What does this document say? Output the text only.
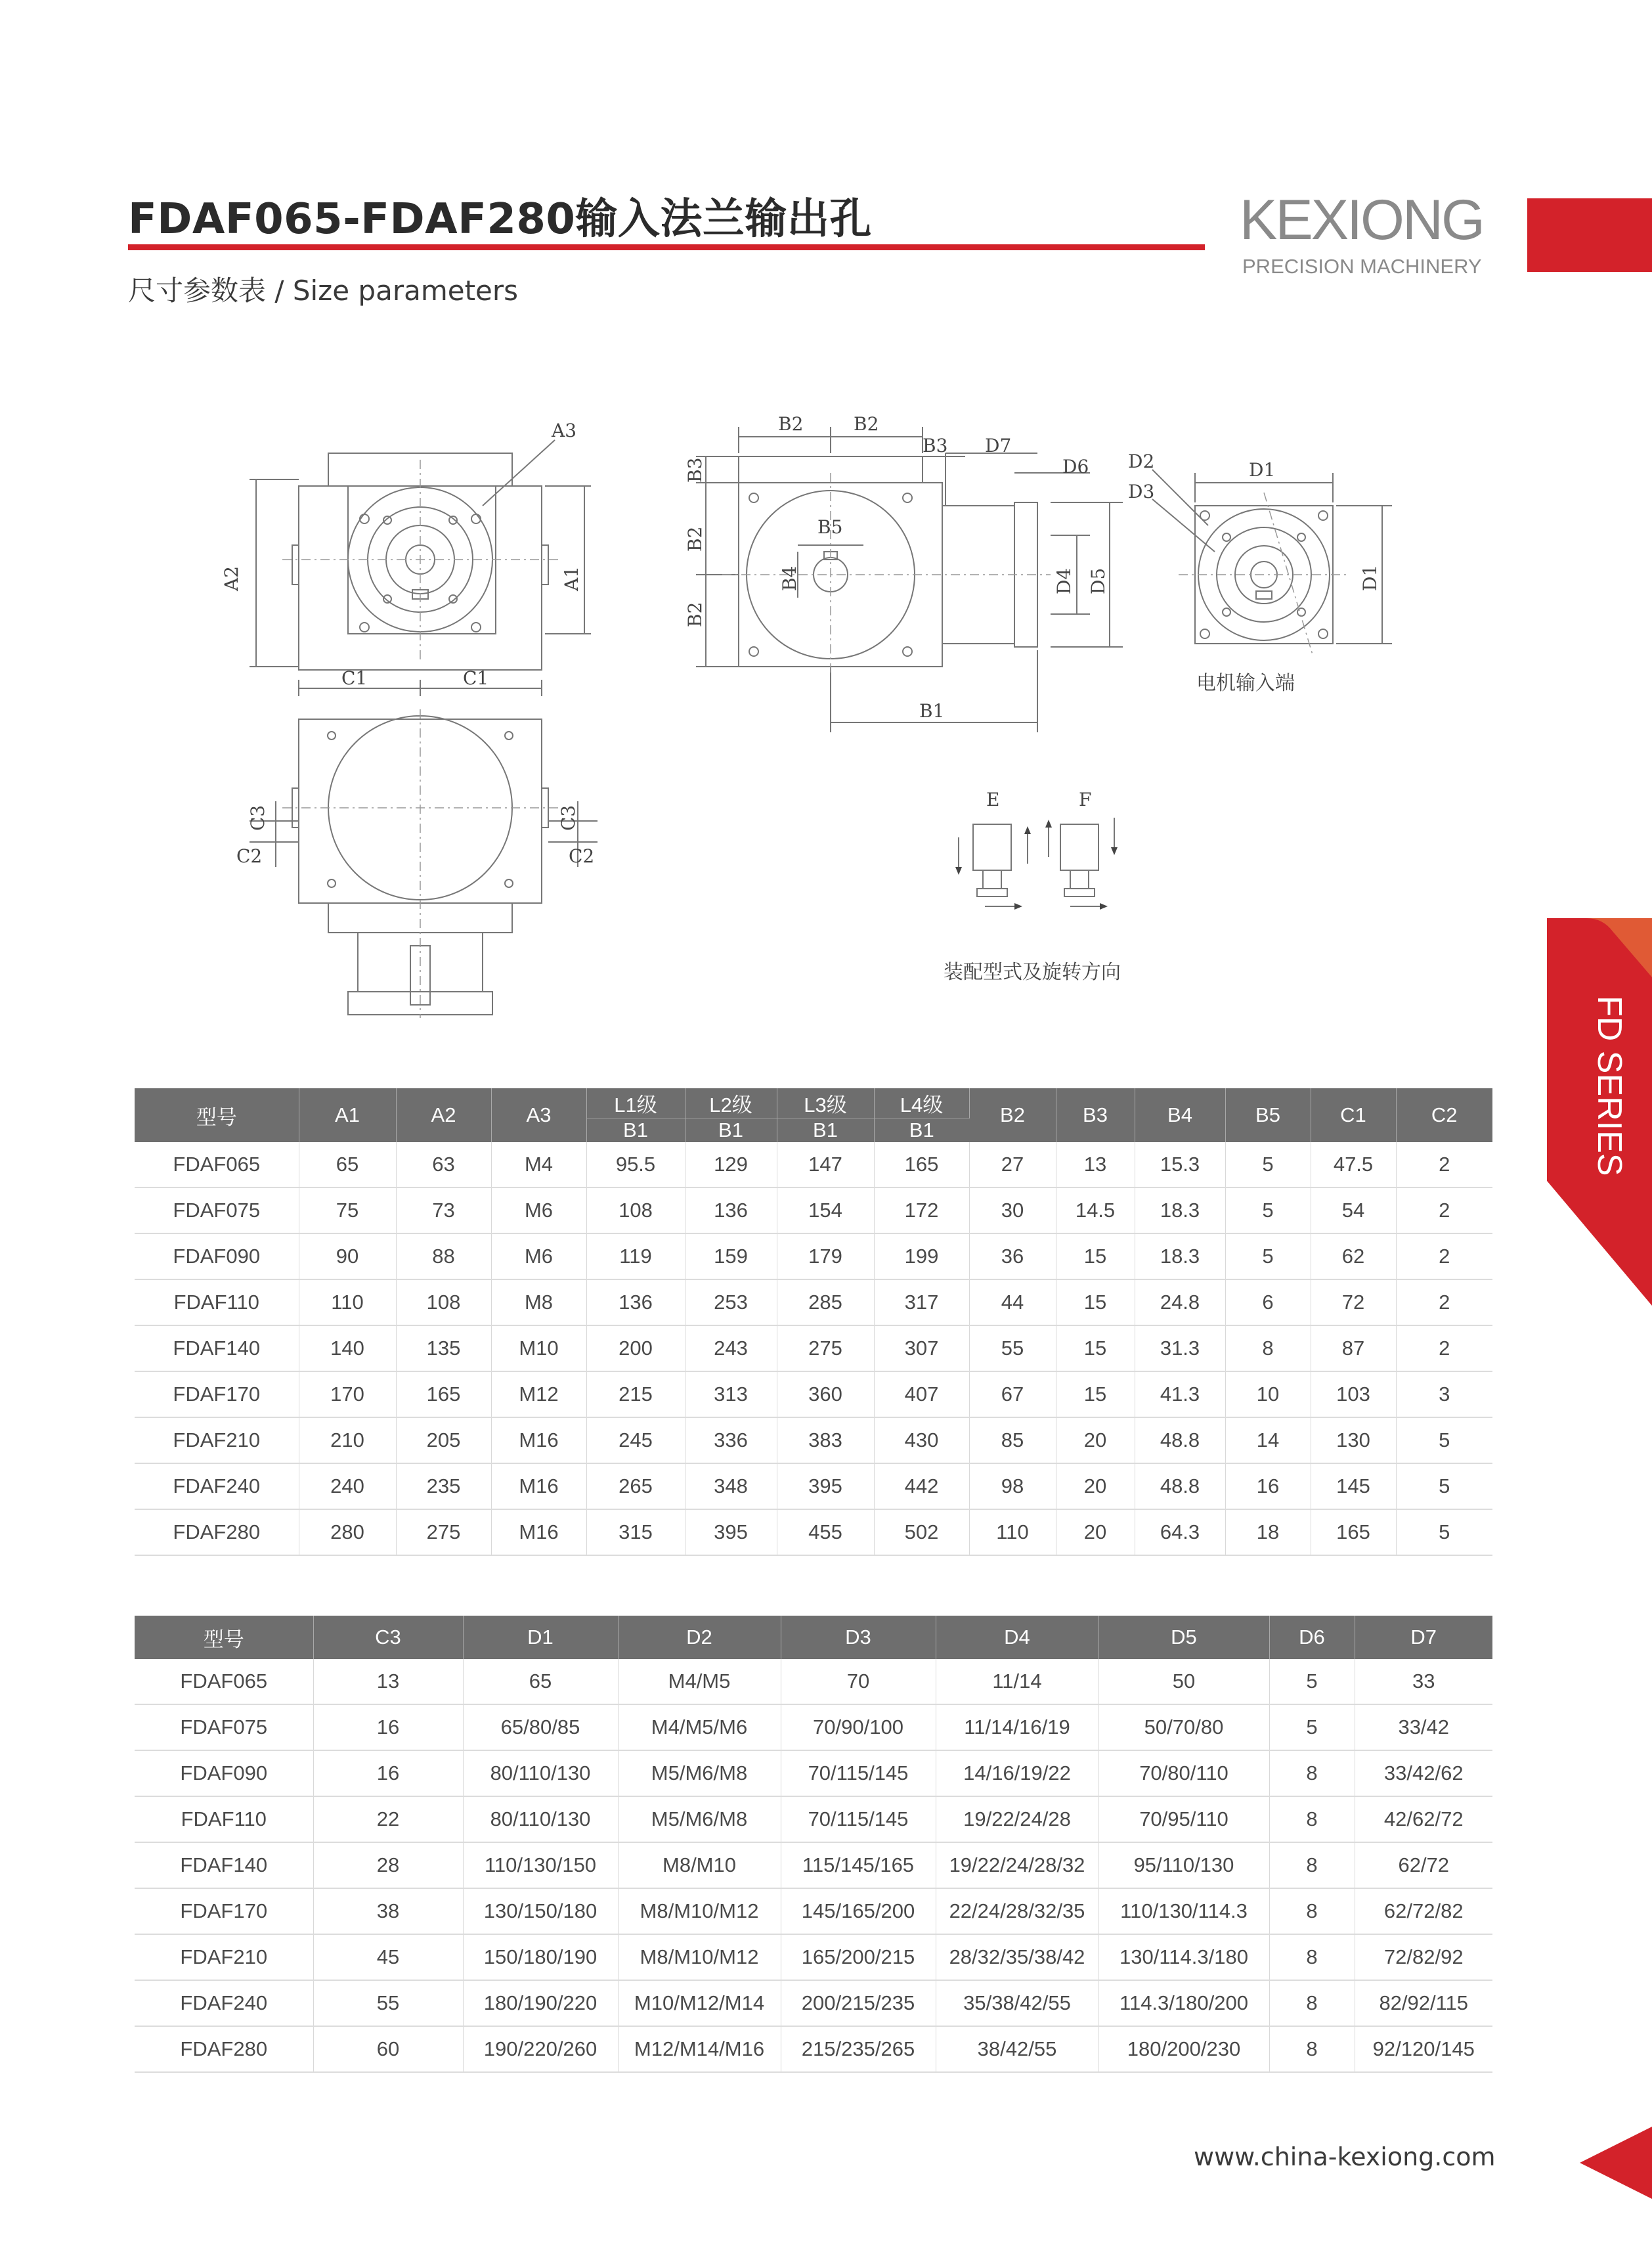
FDAF065-FDAF280输入法兰输出孔
尺寸参数表 / Size parameters
KEXIONG
PRECISION MACHINERY
FD SERIES
A3
A2	A1
C1	C1
C3	C3
C2	C2
B2	B2
B3 D7
D6
B3
B2
B2
B5
B4
B1
D4 D5
D2
D3
D1
D1
E	F
电机输入端
装配型式及旋转方向
型号	A1	A2	A3	L1级	L2级	L3级	L4级	B2	B3	B4	B5	C1	C2
				B1	B1	B1	B1						
FDAF065	65	63	M4	95.5	129	147	165	27	13	15.3	5	47.5	2
FDAF075	75	73	M6	108	136	154	172	30	14.5	18.3	5	54	2
FDAF090	90	88	M6	119	159	179	199	36	15	18.3	5	62	2
FDAF110	110	108	M8	136	253	285	317	44	15	24.8	6	72	2
FDAF140	140	135	M10	200	243	275	307	55	15	31.3	8	87	2
FDAF170	170	165	M12	215	313	360	407	67	15	41.3	10	103	3
FDAF210	210	205	M16	245	336	383	430	85	20	48.8	14	130	5
FDAF240	240	235	M16	265	348	395	442	98	20	48.8	16	145	5
FDAF280	280	275	M16	315	395	455	502	110	20	64.3	18	165	5
型号	C3	D1	D2	D3	D4	D5	D6	D7
FDAF065	13	65	M4/M5	70	11/14	50	5	33
FDAF075	16	65/80/85	M4/M5/M6	70/90/100	11/14/16/19	50/70/80	5	33/42
FDAF090	16	80/110/130	M5/M6/M8	70/115/145	14/16/19/22	70/80/110	8	33/42/62
FDAF110	22	80/110/130	M5/M6/M8	70/115/145	19/22/24/28	70/95/110	8	42/62/72
FDAF140	28	110/130/150	M8/M10	115/145/165	19/22/24/28/32	95/110/130	8	62/72
FDAF170	38	130/150/180	M8/M10/M12	145/165/200	22/24/28/32/35	110/130/114.3	8	62/72/82
FDAF210	45	150/180/190	M8/M10/M12	165/200/215	28/32/35/38/42	130/114.3/180	8	72/82/92
FDAF240	55	180/190/220	M10/M12/M14	200/215/235	35/38/42/55	114.3/180/200	8	82/92/115
FDAF280	60	190/220/260	M12/M14/M16	215/235/265	38/42/55	180/200/230	8	92/120/145
www.china-kexiong.com
